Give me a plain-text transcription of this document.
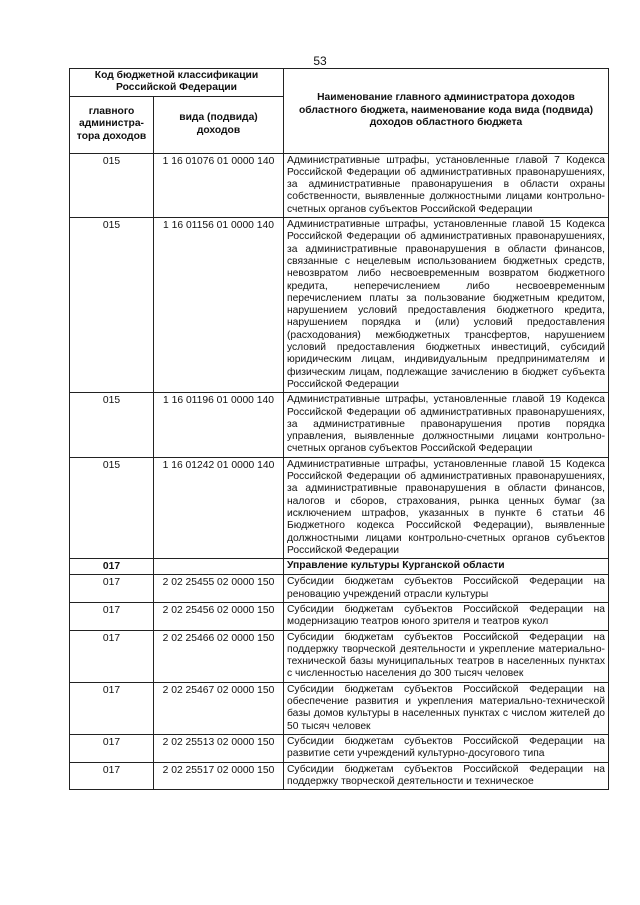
53
Код бюджетной классификации Российской Федерации		Наименование главного администратора доходов областного бюджета, наименование кода вида (подвида) доходов областного бюджета
главного администра-тора доходов	вида (подвида) доходов	
015	1 16 01076 01 0000 140	Административные штрафы, установленные главой 7 Кодекса Российской Федерации об административных правонарушениях, за административные правонарушения в области охраны собственности, выявленные должностными лицами контрольно-счетных органов субъектов Российской Федерации
015	1 16 01156 01 0000 140	Административные штрафы, установленные главой 15 Кодекса Российской Федерации об административных правонарушениях, за административные правонарушения в области финансов, связанные с нецелевым использованием бюджетных средств, невозвратом либо несвоевременным возвратом бюджетного кредита, неперечислением либо несвоевременным перечислением платы за пользование бюджетным кредитом, нарушением условий предоставления бюджетного кредита, нарушением порядка и (или) условий предоставления (расходования) межбюджетных трансфертов, нарушением условий предоставления бюджетных инвестиций, субсидий юридическим лицам, индивидуальным предпринимателям и физическим лицам, подлежащие зачислению в бюджет субъекта Российской Федерации
015	1 16 01196 01 0000 140	Административные штрафы, установленные главой 19 Кодекса Российской Федерации об административных правонарушениях, за административные правонарушения против порядка управления, выявленные должностными лицами контрольно-счетных органов субъектов Российской Федерации
015	1 16 01242 01 0000 140	Административные штрафы, установленные главой 15 Кодекса Российской Федерации об административных правонарушениях, за административные правонарушения в области финансов, налогов и сборов, страхования, рынка ценных бумаг (за исключением штрафов, указанных в пункте 6 статьи 46 Бюджетного кодекса Российской Федерации), выявленные должностными лицами контрольно-счетных органов субъектов Российской Федерации
017		Управление культуры Курганской области
017	2 02 25455 02 0000 150	Субсидии бюджетам субъектов Российской Федерации на реновацию учреждений отрасли культуры
017	2 02 25456 02 0000 150	Субсидии бюджетам субъектов Российской Федерации на модернизацию театров юного зрителя и театров кукол
017	2 02 25466 02 0000 150	Субсидии бюджетам субъектов Российской Федерации на поддержку творческой деятельности и укрепление материально-технической базы муниципальных театров в населенных пунктах с численностью населения до 300 тысяч человек
017	2 02 25467 02 0000 150	Субсидии бюджетам субъектов Российской Федерации на обеспечение развития и укрепления материально-технической базы домов культуры в населенных пунктах с числом жителей до 50 тысяч человек
017	2 02 25513 02 0000 150	Субсидии бюджетам субъектов Российской Федерации на развитие сети учреждений культурно-досугового типа
017	2 02 25517 02 0000 150	Субсидии бюджетам субъектов Российской Федерации на поддержку творческой деятельности и техническое
